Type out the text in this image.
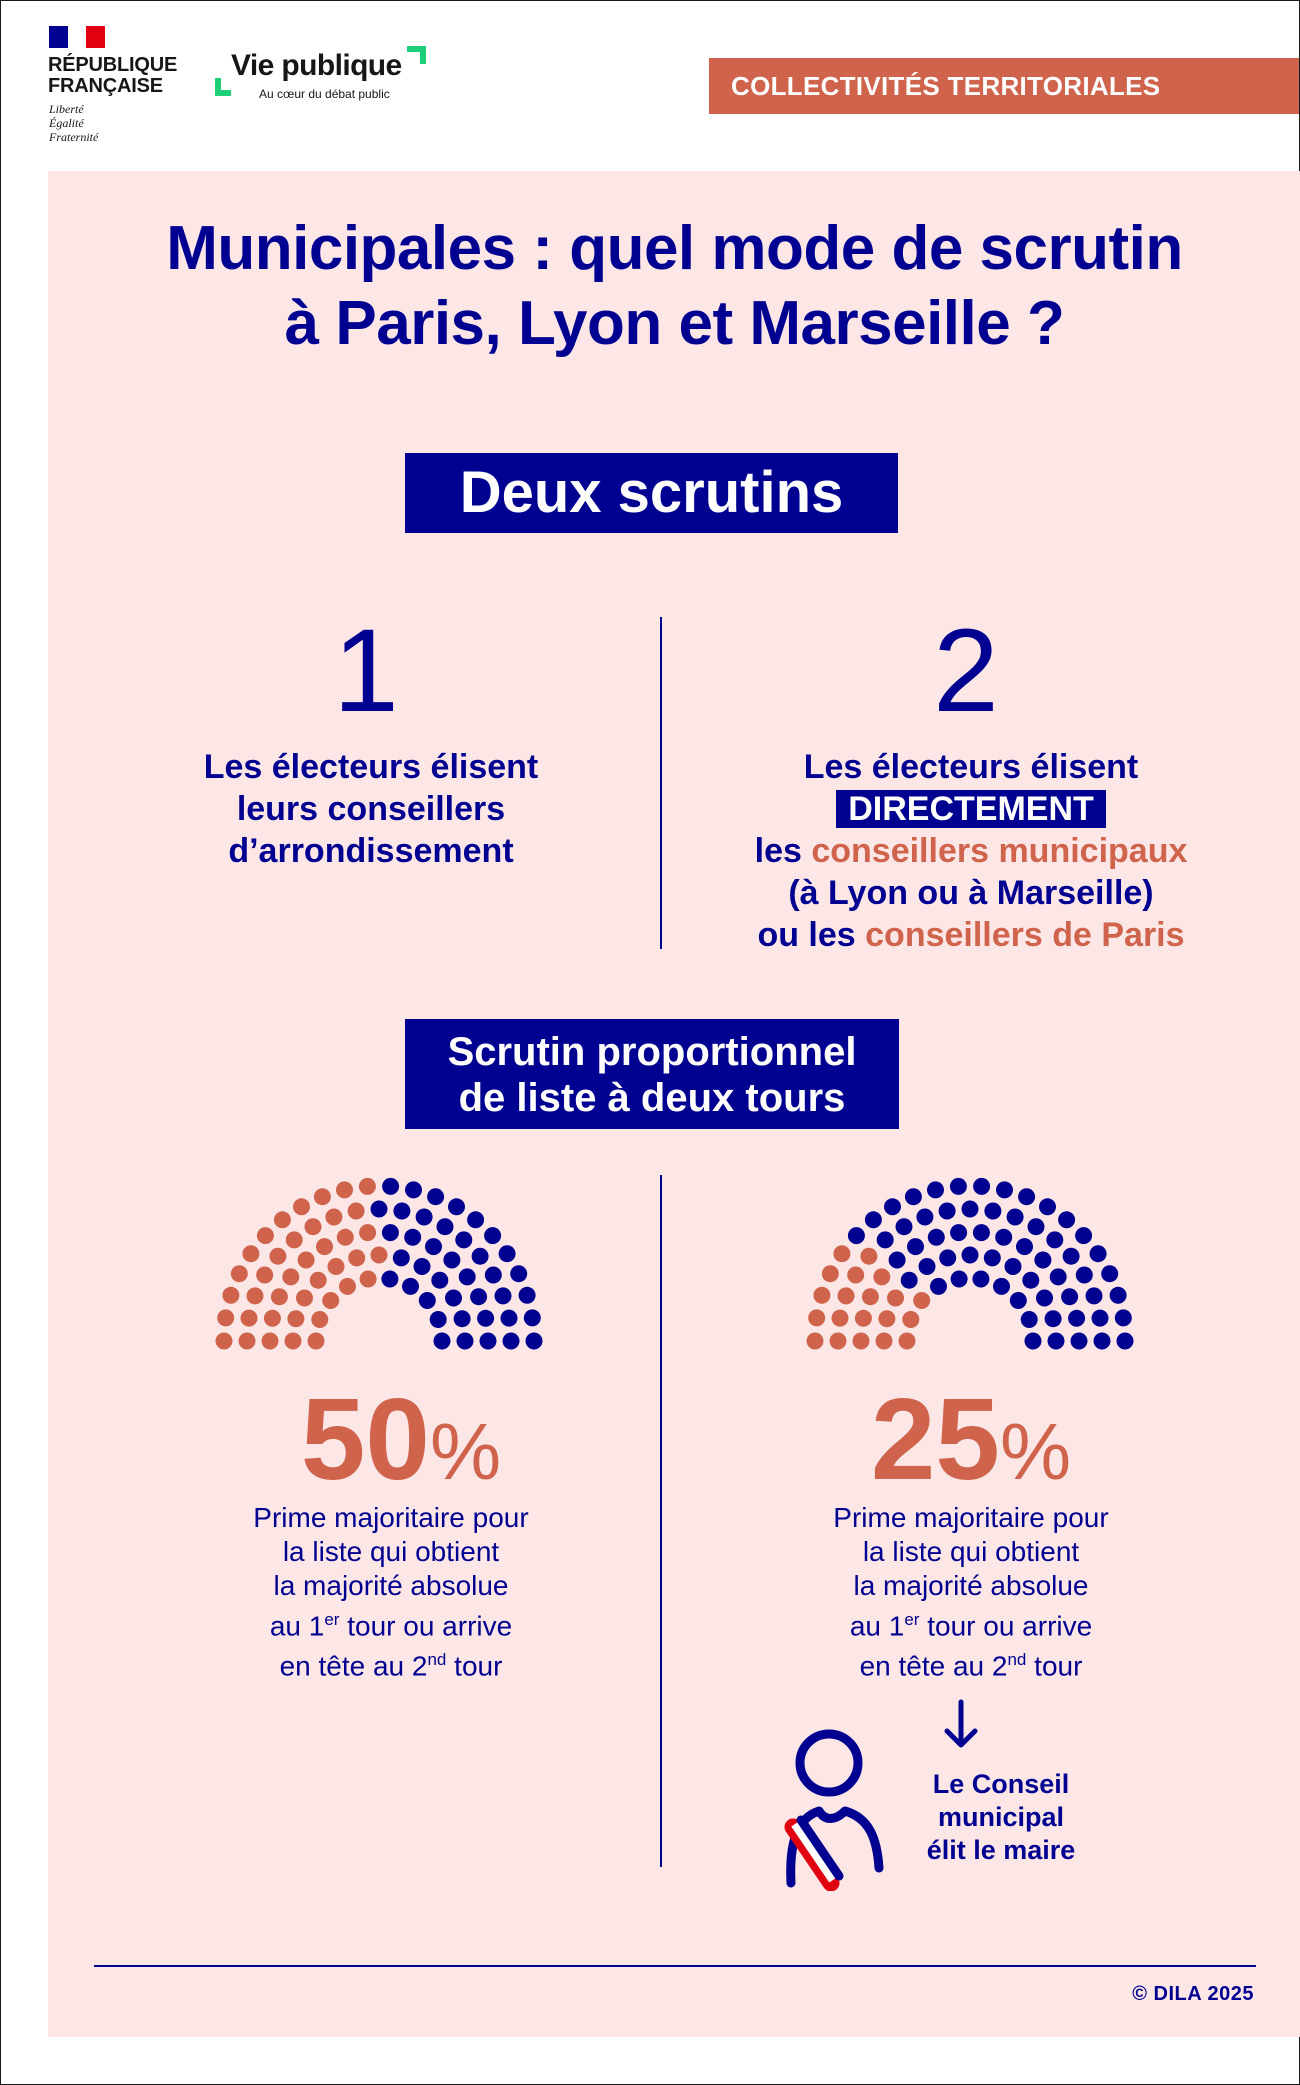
RÉPUBLIQUE
FRANÇAISE
Liberté
Égalité
Fraternité
Vie publique
Au cœur du débat public	COLLECTIVITÉS TERRITORIALES
Municipales : quel mode de scrutin
à Paris, Lyon et Marseille ?
Deux scrutins
1
Les électeurs élisent
leurs conseillers
d’arrondissement
2
Les électeurs élisent
DIRECTEMENT
les conseillers municipaux
(à Lyon ou à Marseille)
ou les conseillers de Paris
Scrutin proportionnel
de liste à deux tours
50%
Prime majoritaire pour
la liste qui obtient
la majorité absolue
au 1er tour ou arrive
en tête au 2nd tour
25%
Prime majoritaire pour
la liste qui obtient
la majorité absolue
au 1er tour ou arrive
en tête au 2nd tour
Le Conseil
municipal
élit le maire
© DILA 2025
